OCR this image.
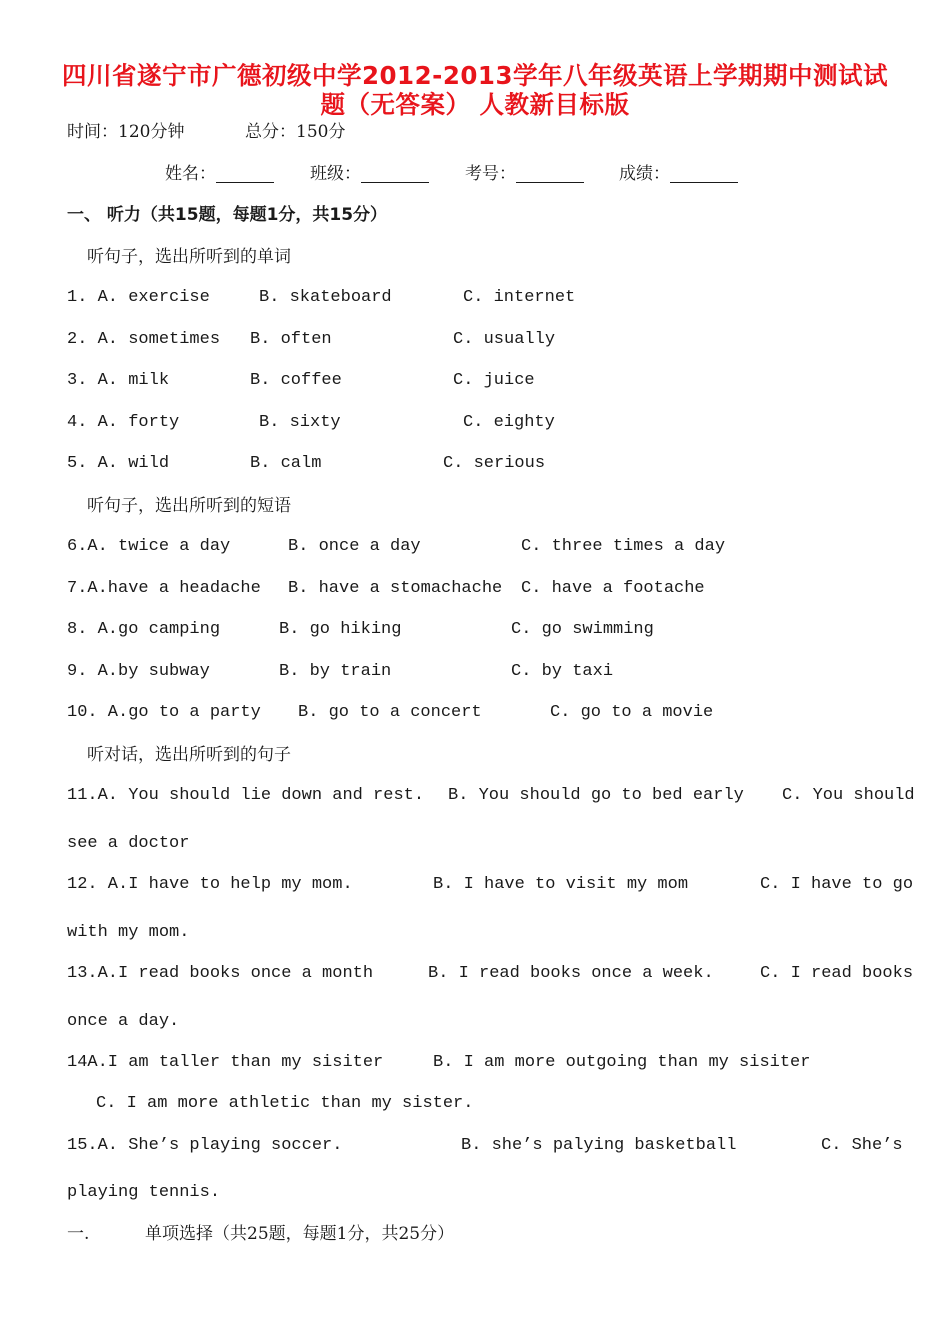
四川省遂宁市广德初级中学2012-2013学年八年级英语上学期期中测试试
题（无答案） 人教新目标版
时间：120分钟	总分：150分
姓名：	班级：	考号：	成绩：
一、 听力（共15题，每题1分，共15分）
听句子，选出所听到的单词
1. A. exercise	B. skateboard	C. internet
2. A. sometimes B. often	C. usually
3. A. milk	B. coffee	C. juice
4. A. forty	B. sixty	C. eighty
5. A. wild	B. calm	C. serious
听句子，选出所听到的短语
6.A. twice a day	B. once a day	C. three times a day
7.A.have a headache B. have a stomachache C. have a footache
8. A.go camping	B. go hiking	C. go swimming
9. A.by subway	B. by train	C. by taxi
10. A.go to a party B. go to a concert	C. go to a movie
听对话，选出所听到的句子
11.A. You should lie down and rest. B. You should go to bed early C. You should
see a doctor
12. A.I have to help my mom.	B. I have to visit my mom	C. I have to go
with my mom.
13.A.I read books once a month	B. I read books once a week.	C. I read books
once a day.
14A.I am taller than my sisiter	B. I am more outgoing than my sisiter
C. I am more athletic than my sister.
15.A. She’s playing soccer.	B. she’s palying basketball	C. She’s
playing tennis.
一.	单项选择（共25题，每题1分，共25分）
